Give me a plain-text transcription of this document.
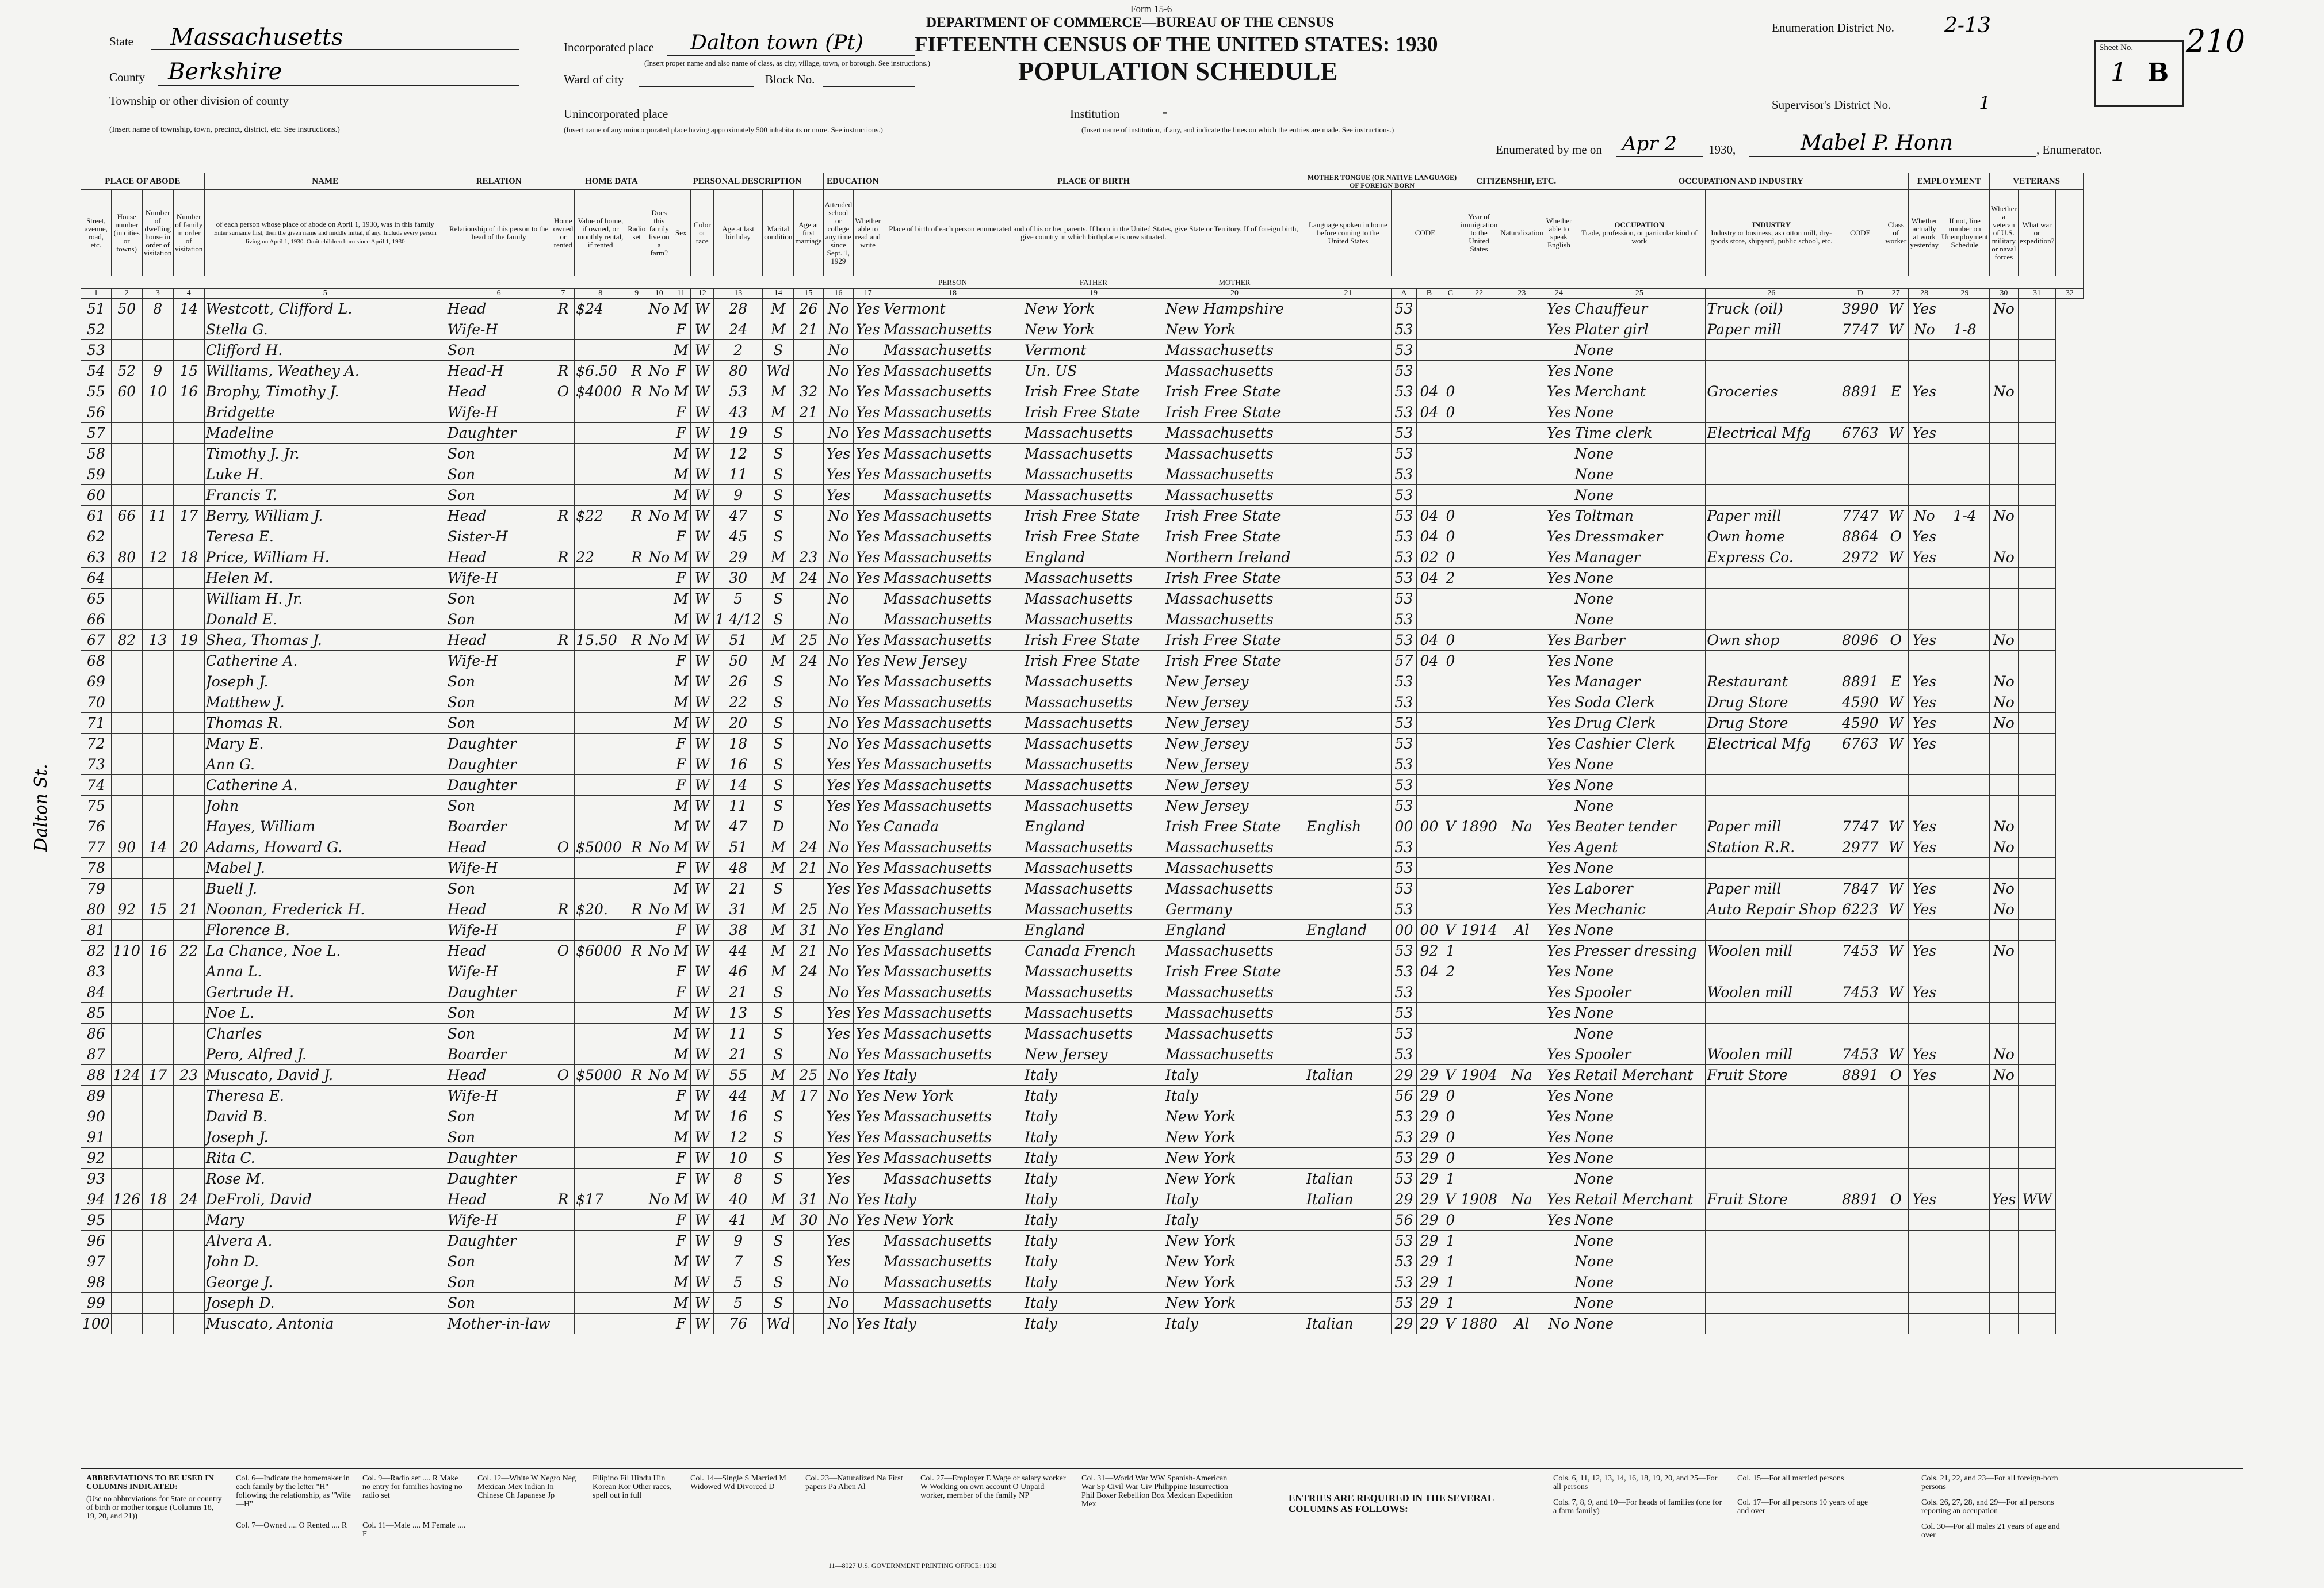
Form 15-6
DEPARTMENT OF COMMERCE—BUREAU OF THE CENSUS
FIFTEENTH CENSUS OF THE UNITED STATES: 1930
POPULATION SCHEDULE
State Massachusetts
County Berkshire
Township or other division of county
(Insert name of township, town, precinct, district, etc. See instructions.)
Incorporated place Dalton town (Pt)
(Insert proper name and also name of class, as city, village, town, or borough. See instructions.)
Ward of city	Block No.
Unincorporated place
(Insert name of any unincorporated place having approximately 500 inhabitants or more. See instructions.)
Institution	-
(Insert name of institution, if any, and indicate the lines on which the entries are made. See instructions.)
Enumeration District No. 2-13
Supervisor's District No.	1
Enumerated by me on Apr 2	1930,	Mabel P. Honn	, Enumerator.
Sheet No.
1 B
210
Dalton St.
PLACE OF ABODE				NAME	RELATION	HOME DATA				PERSONAL DESCRIPTION					EDUCATION		PLACE OF BIRTH			MOTHER TONGUE (OR NATIVE LANGUAGE) OF FOREIGN BORN				CITIZENSHIP, ETC.			OCCUPATION AND INDUSTRY				EMPLOYMENT		VETERANS		
Street, avenue, road, etc.	House number (in cities or towns)	Number of dwelling house in order of visitation	Number of family in order of visitation	of each person whose place of abode on April 1, 1930, was in this family
Enter surname first, then the given name and middle initial, if any. Include every person living on April 1, 1930. Omit children born since April 1, 1930	Relationship of this person to the head of the family	Home owned or rented	Value of home, if owned, or monthly rental, if rented	Radio set	Does this family live on a farm?	Sex	Color or race	Age at last birthday	Marital condition	Age at first marriage	Attended school or college any time since Sept. 1, 1929	Whether able to read and write	Place of birth of each person enumerated and of his or her parents. If born in the United States, give State or Territory. If of foreign birth, give country in which birthplace is now situated.			Language spoken in home before coming to the United States	CODE			Year of immigration to the United States	Naturalization	Whether able to speak English	OCCUPATION
Trade, profession, or particular kind of work	INDUSTRY
Industry or business, as cotton mill, dry-goods store, shipyard, public school, etc.	CODE	Class of worker	Whether actually at work yesterday	If not, line number on Unemployment Schedule	Whether a veteran of U.S. military or naval forces	What war or expedition?	
																	PERSON	FATHER	MOTHER																
1	2	3	4	5	6	7	8	9	10	11	12	13	14	15	16	17	18	19	20	21	A	B	C	22	23	24	25	26	D	27	28	29	30	31	32
51	50	8	14	Westcott, Clifford L.	Head	R	$24		No	M	W	28	M	26	No	Yes	Vermont	New York	New Hampshire		53					Yes	Chauffeur	Truck (oil)	3990	W	Yes		No		
52				Stella G.	Wife-H					F	W	24	M	21	No	Yes	Massachusetts	New York	New York		53					Yes	Plater girl	Paper mill	7747	W	No	1-8			
53				Clifford H.	Son					M	W	2	S		No		Massachusetts	Vermont	Massachusetts		53						None								
54	52	9	15	Williams, Weathey A.	Head-H	R	$6.50	R	No	F	W	80	Wd		No	Yes	Massachusetts	Un. US	Massachusetts		53					Yes	None								
55	60	10	16	Brophy, Timothy J.	Head	O	$4000	R	No	M	W	53	M	32	No	Yes	Massachusetts	Irish Free State	Irish Free State		53	04	0			Yes	Merchant	Groceries	8891	E	Yes		No		
56				Bridgette	Wife-H					F	W	43	M	21	No	Yes	Massachusetts	Irish Free State	Irish Free State		53	04	0			Yes	None								
57				Madeline	Daughter					F	W	19	S		No	Yes	Massachusetts	Massachusetts	Massachusetts		53					Yes	Time clerk	Electrical Mfg	6763	W	Yes				
58				Timothy J. Jr.	Son					M	W	12	S		Yes	Yes	Massachusetts	Massachusetts	Massachusetts		53						None								
59				Luke H.	Son					M	W	11	S		Yes	Yes	Massachusetts	Massachusetts	Massachusetts		53						None								
60				Francis T.	Son					M	W	9	S		Yes		Massachusetts	Massachusetts	Massachusetts		53						None								
61	66	11	17	Berry, William J.	Head	R	$22	R	No	M	W	47	S		No	Yes	Massachusetts	Irish Free State	Irish Free State		53	04	0			Yes	Toltman	Paper mill	7747	W	No	1-4	No		
62				Teresa E.	Sister-H					F	W	45	S		No	Yes	Massachusetts	Irish Free State	Irish Free State		53	04	0			Yes	Dressmaker	Own home	8864	O	Yes				
63	80	12	18	Price, William H.	Head	R	22	R	No	M	W	29	M	23	No	Yes	Massachusetts	England	Northern Ireland		53	02	0			Yes	Manager	Express Co.	2972	W	Yes		No		
64				Helen M.	Wife-H					F	W	30	M	24	No	Yes	Massachusetts	Massachusetts	Irish Free State		53	04	2			Yes	None								
65				William H. Jr.	Son					M	W	5	S		No		Massachusetts	Massachusetts	Massachusetts		53						None								
66				Donald E.	Son					M	W	1 4/12	S		No		Massachusetts	Massachusetts	Massachusetts		53						None								
67	82	13	19	Shea, Thomas J.	Head	R	15.50	R	No	M	W	51	M	25	No	Yes	Massachusetts	Irish Free State	Irish Free State		53	04	0			Yes	Barber	Own shop	8096	O	Yes		No		
68				Catherine A.	Wife-H					F	W	50	M	24	No	Yes	New Jersey	Irish Free State	Irish Free State		57	04	0			Yes	None								
69				Joseph J.	Son					M	W	26	S		No	Yes	Massachusetts	Massachusetts	New Jersey		53					Yes	Manager	Restaurant	8891	E	Yes		No		
70				Matthew J.	Son					M	W	22	S		No	Yes	Massachusetts	Massachusetts	New Jersey		53					Yes	Soda Clerk	Drug Store	4590	W	Yes		No		
71				Thomas R.	Son					M	W	20	S		No	Yes	Massachusetts	Massachusetts	New Jersey		53					Yes	Drug Clerk	Drug Store	4590	W	Yes		No		
72				Mary E.	Daughter					F	W	18	S		No	Yes	Massachusetts	Massachusetts	New Jersey		53					Yes	Cashier Clerk	Electrical Mfg	6763	W	Yes				
73				Ann G.	Daughter					F	W	16	S		Yes	Yes	Massachusetts	Massachusetts	New Jersey		53					Yes	None								
74				Catherine A.	Daughter					F	W	14	S		Yes	Yes	Massachusetts	Massachusetts	New Jersey		53					Yes	None								
75				John	Son					M	W	11	S		Yes	Yes	Massachusetts	Massachusetts	New Jersey		53						None								
76				Hayes, William	Boarder					M	W	47	D		No	Yes	Canada	England	Irish Free State	English	00	00	V	1890	Na	Yes	Beater tender	Paper mill	7747	W	Yes		No		
77	90	14	20	Adams, Howard G.	Head	O	$5000	R	No	M	W	51	M	24	No	Yes	Massachusetts	Massachusetts	Massachusetts		53					Yes	Agent	Station R.R.	2977	W	Yes		No		
78				Mabel J.	Wife-H					F	W	48	M	21	No	Yes	Massachusetts	Massachusetts	Massachusetts		53					Yes	None								
79				Buell J.	Son					M	W	21	S		Yes	Yes	Massachusetts	Massachusetts	Massachusetts		53					Yes	Laborer	Paper mill	7847	W	Yes		No		
80	92	15	21	Noonan, Frederick H.	Head	R	$20.	R	No	M	W	31	M	25	No	Yes	Massachusetts	Massachusetts	Germany		53					Yes	Mechanic	Auto Repair Shop	6223	W	Yes		No		
81				Florence B.	Wife-H					F	W	38	M	31	No	Yes	England	England	England	England	00	00	V	1914	Al	Yes	None								
82	110	16	22	La Chance, Noe L.	Head	O	$6000	R	No	M	W	44	M	21	No	Yes	Massachusetts	Canada French	Massachusetts		53	92	1			Yes	Presser dressing	Woolen mill	7453	W	Yes		No		
83				Anna L.	Wife-H					F	W	46	M	24	No	Yes	Massachusetts	Massachusetts	Irish Free State		53	04	2			Yes	None								
84				Gertrude H.	Daughter					F	W	21	S		No	Yes	Massachusetts	Massachusetts	Massachusetts		53					Yes	Spooler	Woolen mill	7453	W	Yes				
85				Noe L.	Son					M	W	13	S		Yes	Yes	Massachusetts	Massachusetts	Massachusetts		53					Yes	None								
86				Charles	Son					M	W	11	S		Yes	Yes	Massachusetts	Massachusetts	Massachusetts		53						None								
87				Pero, Alfred J.	Boarder					M	W	21	S		No	Yes	Massachusetts	New Jersey	Massachusetts		53					Yes	Spooler	Woolen mill	7453	W	Yes		No		
88	124	17	23	Muscato, David J.	Head	O	$5000	R	No	M	W	55	M	25	No	Yes	Italy	Italy	Italy	Italian	29	29	V	1904	Na	Yes	Retail Merchant	Fruit Store	8891	O	Yes		No		
89				Theresa E.	Wife-H					F	W	44	M	17	No	Yes	New York	Italy	Italy		56	29	0			Yes	None								
90				David B.	Son					M	W	16	S		Yes	Yes	Massachusetts	Italy	New York		53	29	0			Yes	None								
91				Joseph J.	Son					M	W	12	S		Yes	Yes	Massachusetts	Italy	New York		53	29	0			Yes	None								
92				Rita C.	Daughter					F	W	10	S		Yes	Yes	Massachusetts	Italy	New York		53	29	0			Yes	None								
93				Rose M.	Daughter					F	W	8	S		Yes		Massachusetts	Italy	New York	Italian	53	29	1				None								
94	126	18	24	DeFroli, David	Head	R	$17		No	M	W	40	M	31	No	Yes	Italy	Italy	Italy	Italian	29	29	V	1908	Na	Yes	Retail Merchant	Fruit Store	8891	O	Yes		Yes	WW	
95				Mary	Wife-H					F	W	41	M	30	No	Yes	New York	Italy	Italy		56	29	0			Yes	None								
96				Alvera A.	Daughter					F	W	9	S		Yes		Massachusetts	Italy	New York		53	29	1				None								
97				John D.	Son					M	W	7	S		Yes		Massachusetts	Italy	New York		53	29	1				None								
98				George J.	Son					M	W	5	S		No		Massachusetts	Italy	New York		53	29	1				None								
99				Joseph D.	Son					M	W	5	S		No		Massachusetts	Italy	New York		53	29	1				None								
100				Muscato, Antonia	Mother-in-law					F	W	76	Wd		No	Yes	Italy	Italy	Italy	Italian	29	29	V	1880	Al	No	None								
ABBREVIATIONS TO BE USED IN COLUMNS INDICATED:
(Use no abbreviations for State or country of birth or mother tongue (Columns 18, 19, 20, and 21))
Col. 6—Indicate the homemaker in each family by the letter "H" following the relationship, as "Wife—H"
Col. 7—Owned .... O Rented .... R
Col. 9—Radio set .... R Make no entry for families having no radio set
Col. 11—Male .... M Female .... F
Col. 12—White W Negro Neg Mexican Mex Indian In Chinese Ch Japanese Jp
Filipino Fil Hindu Hin Korean Kor Other races, spell out in full
Col. 14—Single S Married M Widowed Wd Divorced D
Col. 23—Naturalized Na First papers Pa Alien Al
Col. 27—Employer E Wage or salary worker W Working on own account O Unpaid worker, member of the family NP
Col. 31—World War WW Spanish-American War Sp Civil War Civ Philippine Insurrection Phil Boxer Rebellion Box Mexican Expedition Mex
ENTRIES ARE REQUIRED IN THE SEVERAL COLUMNS AS FOLLOWS:
Cols. 6, 11, 12, 13, 14, 16, 18, 19, 20, and 25—For all persons
Cols. 7, 8, 9, and 10—For heads of families (one for a farm family)
Col. 15—For all married persons
Col. 17—For all persons 10 years of age and over
Cols. 21, 22, and 23—For all foreign-born persons
Cols. 26, 27, 28, and 29—For all persons reporting an occupation
Col. 30—For all males 21 years of age and over
11—8927 U.S. GOVERNMENT PRINTING OFFICE: 1930
